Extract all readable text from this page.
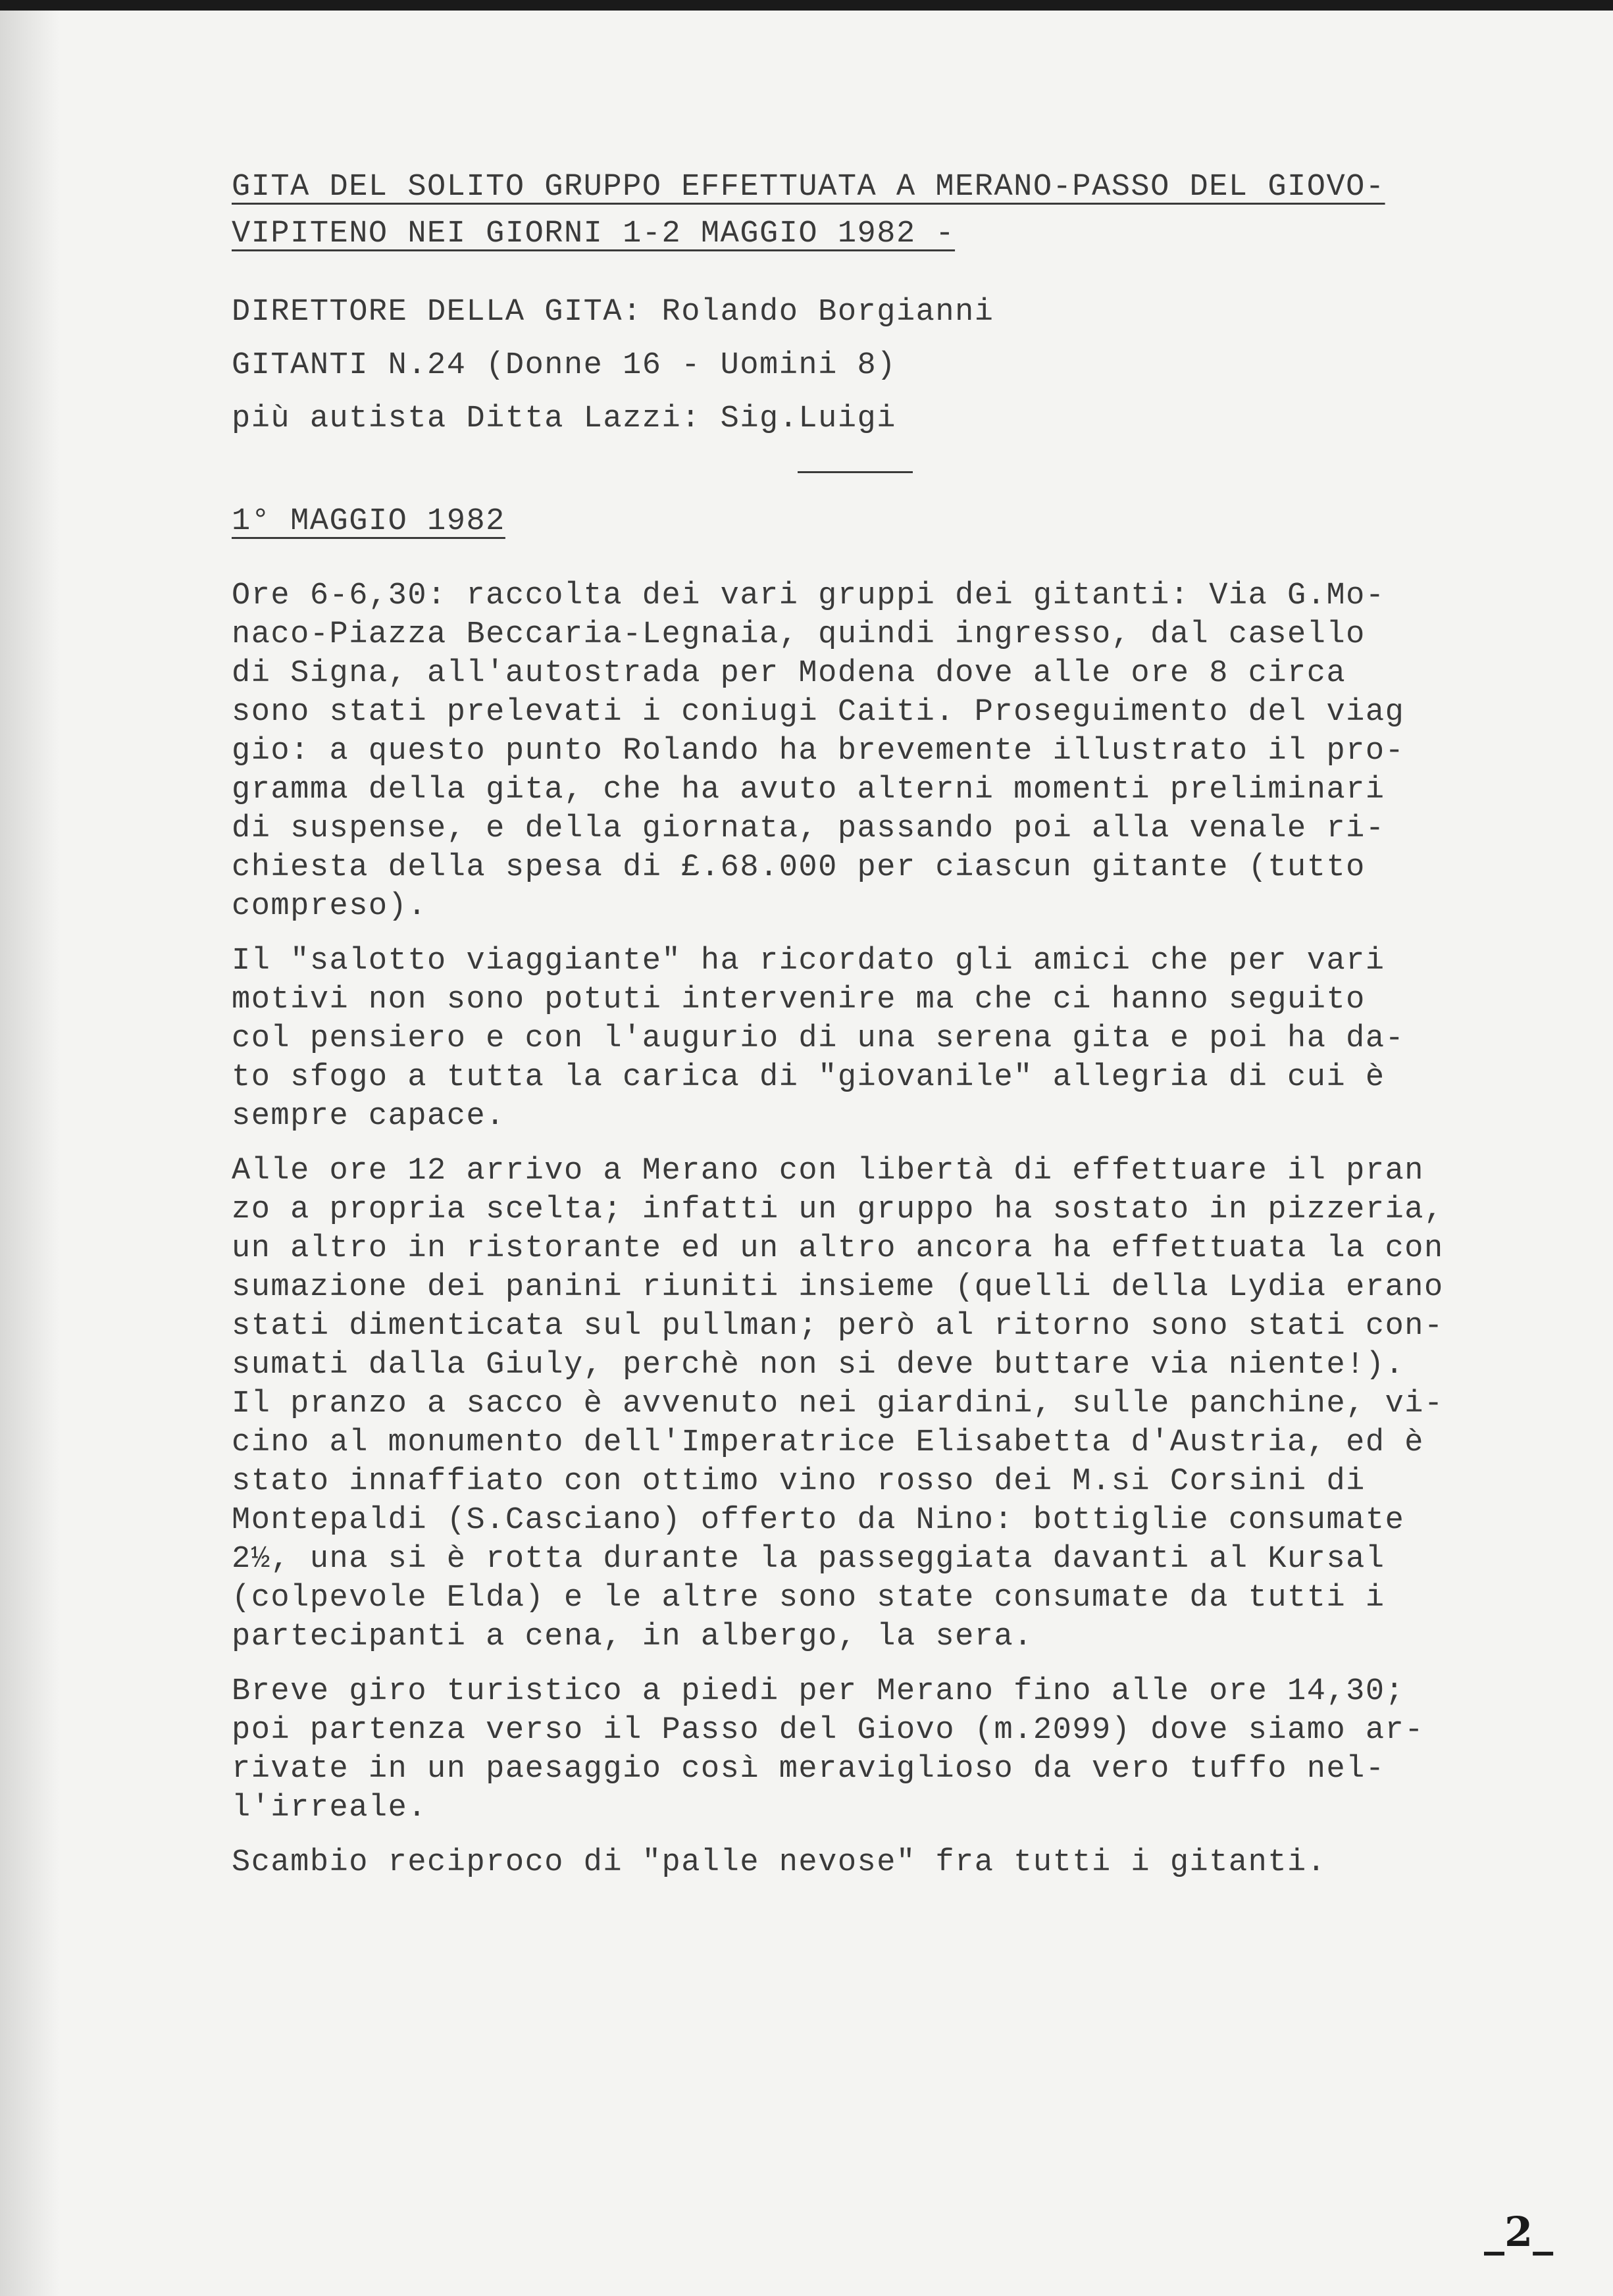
GITA DEL SOLITO GRUPPO EFFETTUATA A MERANO-PASSO DEL GIOVO-
VIPITENO NEI GIORNI 1-2 MAGGIO 1982 -

DIRETTORE DELLA GITA: Rolando Borgianni

GITANTI N.24 (Donne 16 - Uomini 8)

più autista Ditta Lazzi: Sig.Luigi

1° MAGGIO 1982
Ore 6-6,30: raccolta dei vari gruppi dei gitanti: Via G.Mo-
naco-Piazza Beccaria-Legnaia, quindi ingresso, dal casello
di Signa, all'autostrada per Modena dove alle ore 8 circa
sono stati prelevati i coniugi Caiti. Proseguimento del viag
gio: a questo punto Rolando ha brevemente illustrato il pro-
gramma della gita, che ha avuto alterni momenti preliminari
di suspense, e della giornata, passando poi alla venale ri-
chiesta della spesa di £.68.000 per ciascun gitante (tutto
compreso).
Il "salotto viaggiante" ha ricordato gli amici che per vari
motivi non sono potuti intervenire ma che ci hanno seguito
col pensiero e con l'augurio di una serena gita e poi ha da-
to sfogo a tutta la carica di "giovanile" allegria di cui è
sempre capace.
Alle ore 12 arrivo a Merano con libertà di effettuare il pran
zo a propria scelta; infatti un gruppo ha sostato in pizzeria,
un altro in ristorante ed un altro ancora ha effettuata la con
sumazione dei panini riuniti insieme (quelli della Lydia erano
stati dimenticata sul pullman; però al ritorno sono stati con-
sumati dalla Giuly, perchè non si deve buttare via niente!).
Il pranzo a sacco è avvenuto nei giardini, sulle panchine, vi-
cino al monumento dell'Imperatrice Elisabetta d'Austria, ed è
stato innaffiato con ottimo vino rosso dei M.si Corsini di
Montepaldi (S.Casciano) offerto da Nino: bottiglie consumate
2½, una si è rotta durante la passeggiata davanti al Kursal
(colpevole Elda) e le altre sono state consumate da tutti i
partecipanti a cena, in albergo, la sera.
Breve giro turistico a piedi per Merano fino alle ore 14,30;
poi partenza verso il Passo del Giovo (m.2099) dove siamo ar-
rivate in un paesaggio così meraviglioso da vero tuffo nel-
l'irreale.
Scambio reciproco di "palle nevose" fra tutti i gitanti.
_2_
